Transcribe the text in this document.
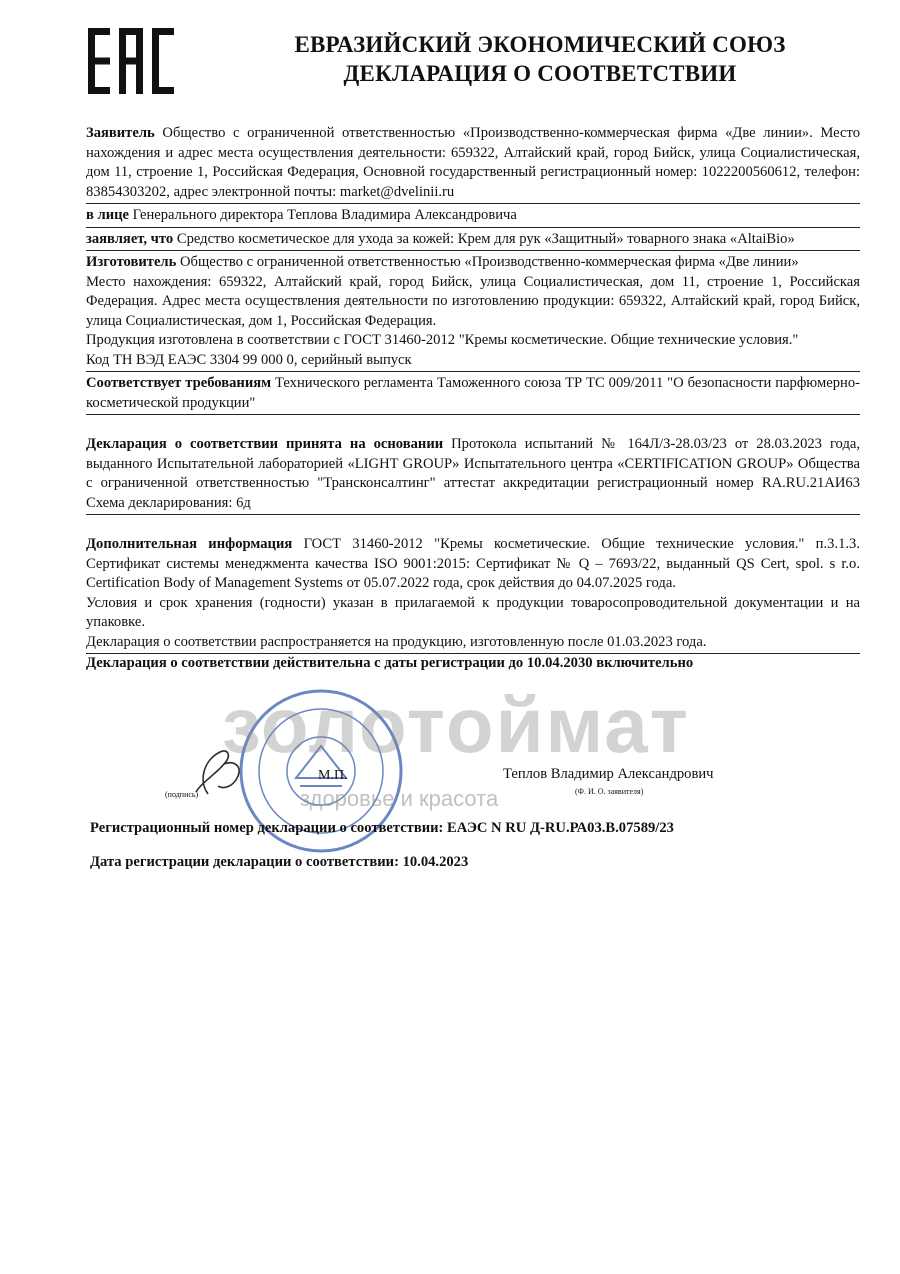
ЕВРАЗИЙСКИЙ ЭКОНОМИЧЕСКИЙ СОЮЗ
ДЕКЛАРАЦИЯ О СООТВЕТСТВИИ

Заявитель Общество с ограниченной ответственностью «Производственно-коммерческая фирма «Две линии». Место нахождения и адрес места осуществления деятельности: 659322, Алтайский край, город Бийск, улица Социалистическая, дом 11, строение 1, Российская Федерация, Основной государственный регистрационный номер: 1022200560612, телефон: 83854303202, адрес электронной почты: market@dvelinii.ru

в лице Генерального директора Теплова Владимира Александровича

заявляет, что Средство косметическое для ухода за кожей: Крем для рук «Защитный» товарного знака «AltaiBio»

Изготовитель Общество с ограниченной ответственностью «Производственно-коммерческая фирма «Две линии»

Место нахождения: 659322, Алтайский край, город Бийск, улица Социалистическая, дом 11, строение 1, Российская Федерация. Адрес места осуществления деятельности по изготовлению продукции: 659322, Алтайский край, город Бийск, улица Социалистическая, дом 1, Российская Федерация.

Продукция изготовлена в соответствии с ГОСТ 31460-2012 "Кремы косметические. Общие технические условия."

Код ТН ВЭД ЕАЭС 3304 99 000 0, серийный выпуск

Соответствует требованиям Технического регламента Таможенного союза ТР ТС 009/2011 "О безопасности парфюмерно-косметической продукции"

Декларация о соответствии принята на основании Протокола испытаний № 164Л/З-28.03/23 от 28.03.2023 года, выданного Испытательной лабораторией «LIGHT GROUP» Испытательного центра «CERTIFICATION GROUP» Общества с ограниченной ответственностью "Трансконсалтинг" аттестат аккредитации регистрационный номер RA.RU.21АИ63 Схема декларирования: 6д

Дополнительная информация ГОСТ 31460-2012 "Кремы косметические. Общие технические условия." п.3.1.3. Сертификат системы менеджмента качества ISO 9001:2015: Сертификат № Q – 7693/22, выданный QS Cert, spol. s r.o. Certification Body of Management Systems от 05.07.2022 года, срок действия до 04.07.2025 года.

Условия и срок хранения (годности) указан в прилагаемой к продукции товаросопроводительной документации и на упаковке.

Декларация о соответствии распространяется на продукцию, изготовленную после 01.03.2023 года.

Декларация о соответствии действительна с даты регистрации до 10.04.2030 включительно

М.П.	Теплов Владимир Александрович
(подпись)	(Ф. И. О. заявителя)
Регистрационный номер декларации о соответствии: ЕАЭС N RU Д-RU.РА03.В.07589/23
Дата регистрации декларации о соответствии: 10.04.2023
золотоймат
здоровье и красота
